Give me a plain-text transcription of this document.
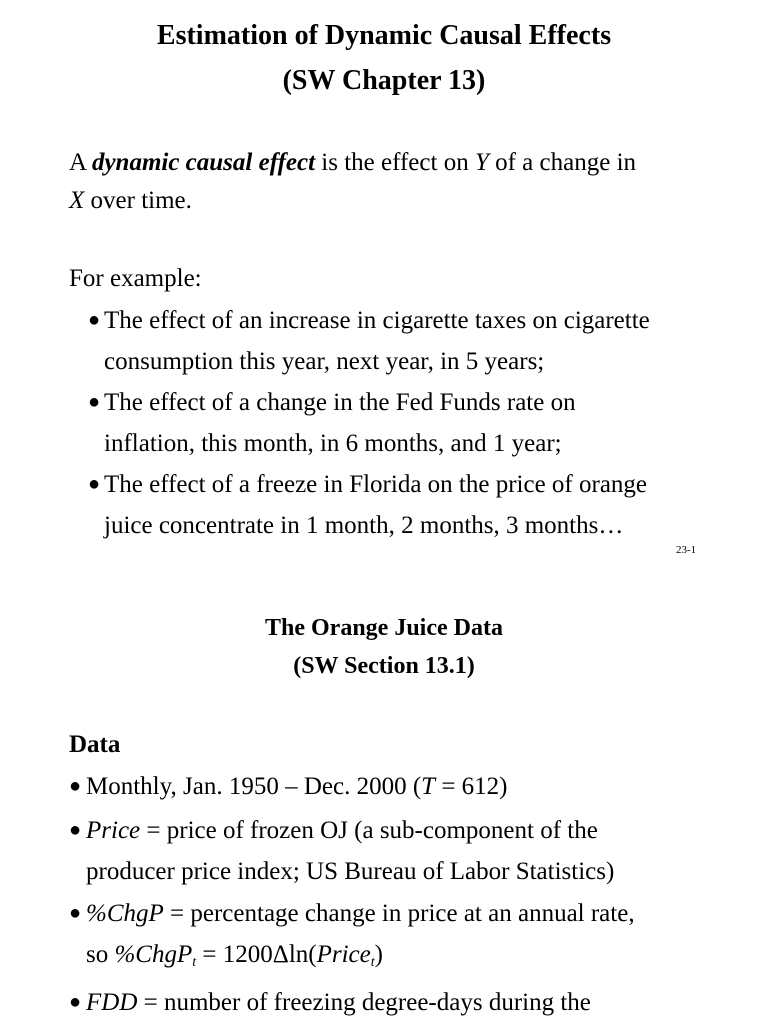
Estimation of Dynamic Causal Effects
(SW Chapter 13)

A dynamic causal effect is the effect on Y of a change in
X over time.

For example:

● The effect of an increase in cigarette taxes on cigarette
consumption this year, next year, in 5 years;
● The effect of a change in the Fed Funds rate on
inflation, this month, in 6 months, and 1 year;
● The effect of a freeze in Florida on the price of orange
juice concentrate in 1 month, 2 months, 3 months…
23-1
The Orange Juice Data
(SW Section 13.1)
Data
● Monthly, Jan. 1950 – Dec. 2000 (T = 612)
● Price = price of frozen OJ (a sub-component of the
producer price index; US Bureau of Labor Statistics)
● %ChgP = percentage change in price at an annual rate,
so %ChgP$_t$ = 1200Δln(Price$_t$)
● FDD = number of freezing degree-days during the
